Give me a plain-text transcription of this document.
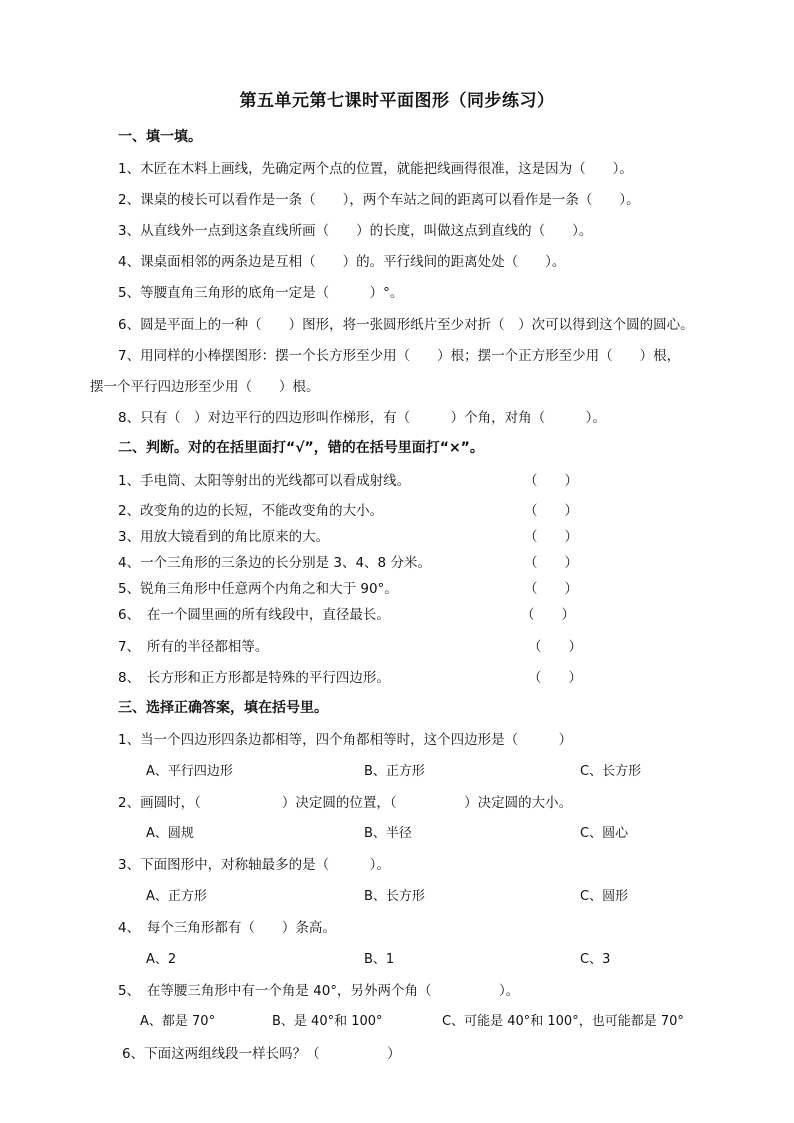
第五单元第七课时平面图形（同步练习）
一、填一填。
1、木匠在木料上画线，先确定两个点的位置，就能把线画得很准，这是因为（　　）。
2、课桌的棱长可以看作是一条（　　），两个车站之间的距离可以看作是一条（　　）。
3、从直线外一点到这条直线所画（　　）的长度，叫做这点到直线的（　　）。
4、课桌面相邻的两条边是互相（　　）的。平行线间的距离处处（　　）。
5、等腰直角三角形的底角一定是（　　　）°。
6、圆是平面上的一种（　　）图形，将一张圆形纸片至少对折（　）次可以得到这个圆的圆心。
7、用同样的小棒摆图形：摆一个长方形至少用（　　）根；摆一个正方形至少用（　　）根，
摆一个平行四边形至少用（　　）根。
8、只有（　）对边平行的四边形叫作梯形，有（　　　）个角，对角（　　　）。
二、判断。对的在括里面打“√”，错的在括号里面打“×”。
1、手电筒、太阳等射出的光线都可以看成射线。	（　　）
2、改变角的边的长短，不能改变角的大小。	（　　）
3、用放大镜看到的角比原来的大。	（　　）
4、一个三角形的三条边的长分别是 3、4、8 分米。	（　　）
5、锐角三角形中任意两个内角之和大于 90°。	（　　）
6、　在一个圆里画的所有线段中，直径最长。	（　　）
7、　所有的半径都相等。	（　　）
8、　长方形和正方形都是特殊的平行四边形。	（　　）
三、选择正确答案，填在括号里。
1、当一个四边形四条边都相等，四个角都相等时，这个四边形是（　　　）
A、平行四边形	B、正方形	C、长方形
2、画圆时，（　　　　　　）决定圆的位置，（　　　　　）决定圆的大小。
A、圆规	B、半径	C、圆心
3、下面图形中，对称轴最多的是（　　　）。
A、正方形	B、长方形	C、圆形
4、　每个三角形都有（　　）条高。
A、2	B、1	C、3
5、　在等腰三角形中有一个角是 40°，另外两个角（　　　　　）。
A、都是 70°	B、是 40°和 100°	C、可能是 40°和 100°，也可能都是 70°
6、下面这两组线段一样长吗？（　　　　　）
